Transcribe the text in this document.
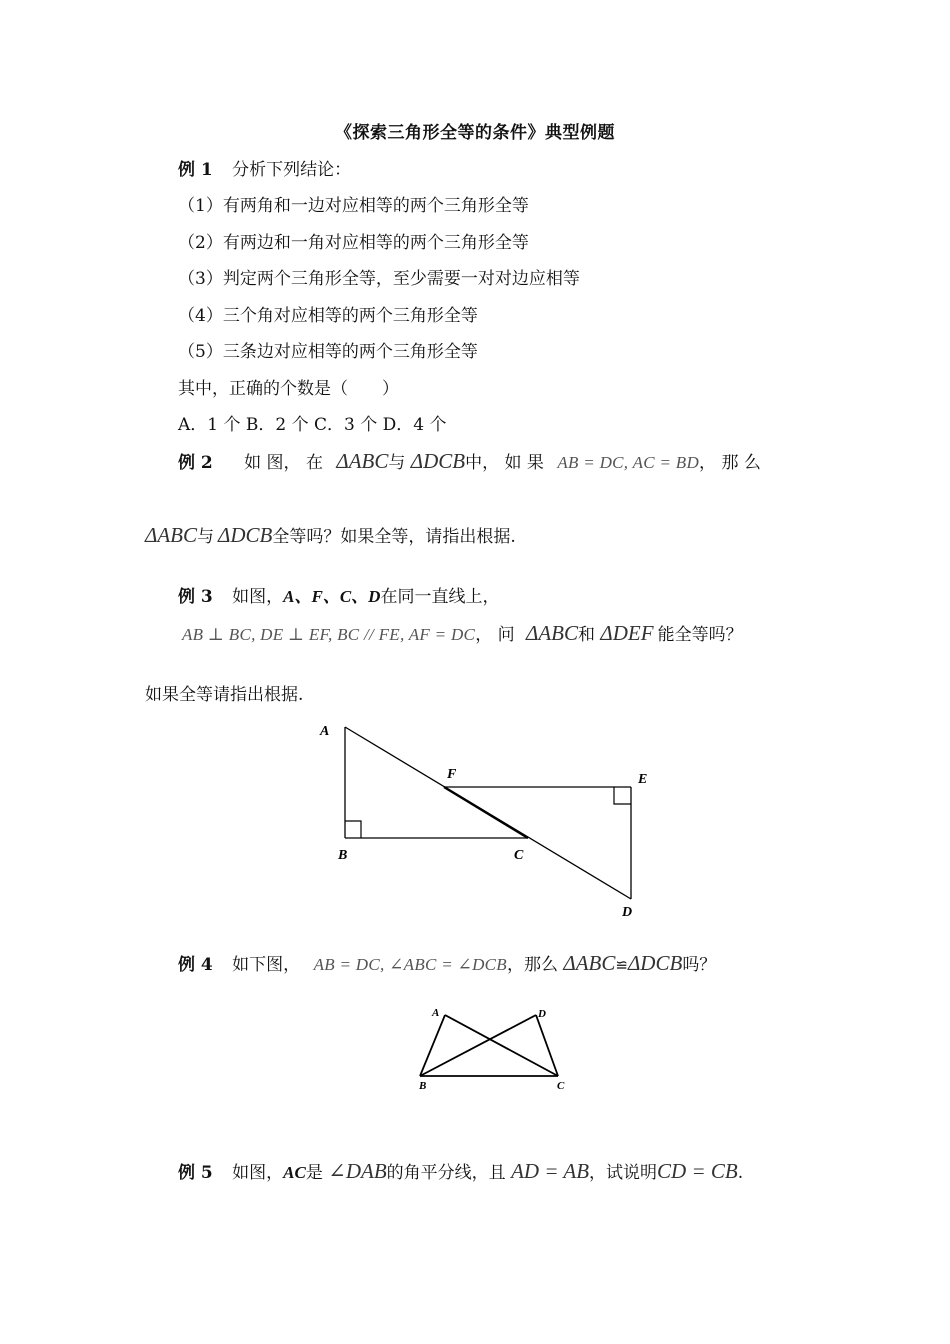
《探索三角形全等的条件》典型例题
例 1 分析下列结论：
（1）有两角和一边对应相等的两个三角形全等
（2）有两边和一角对应相等的两个三角形全等
（3）判定两个三角形全等，至少需要一对对边应相等
（4）三个角对应相等的两个三角形全等
（5）三条边对应相等的两个三角形全等
其中，正确的个数是（　　）
A．1 个 B．2 个 C．3 个 D．4 个
例 2 如 图， 在 ΔABC与 ΔDCB中， 如 果 AB = DC, AC = BD， 那 么
ΔABC与 ΔDCB全等吗？如果全等，请指出根据.
例 3 如图，A、F、C、D在同一直线上，
AB ⊥ BC, DE ⊥ EF, BC // FE, AF = DC， 问 ΔABC和 ΔDEF 能全等吗？
如果全等请指出根据.
A
B	C
D
E
F
例 4 如下图， AB = DC, ∠ABC = ∠DCB，那么 ΔABC≌ΔDCB吗？
A	D
B	C
例 5 如图，AC是 ∠DAB的角平分线，且 AD = AB，试说明CD = CB.
